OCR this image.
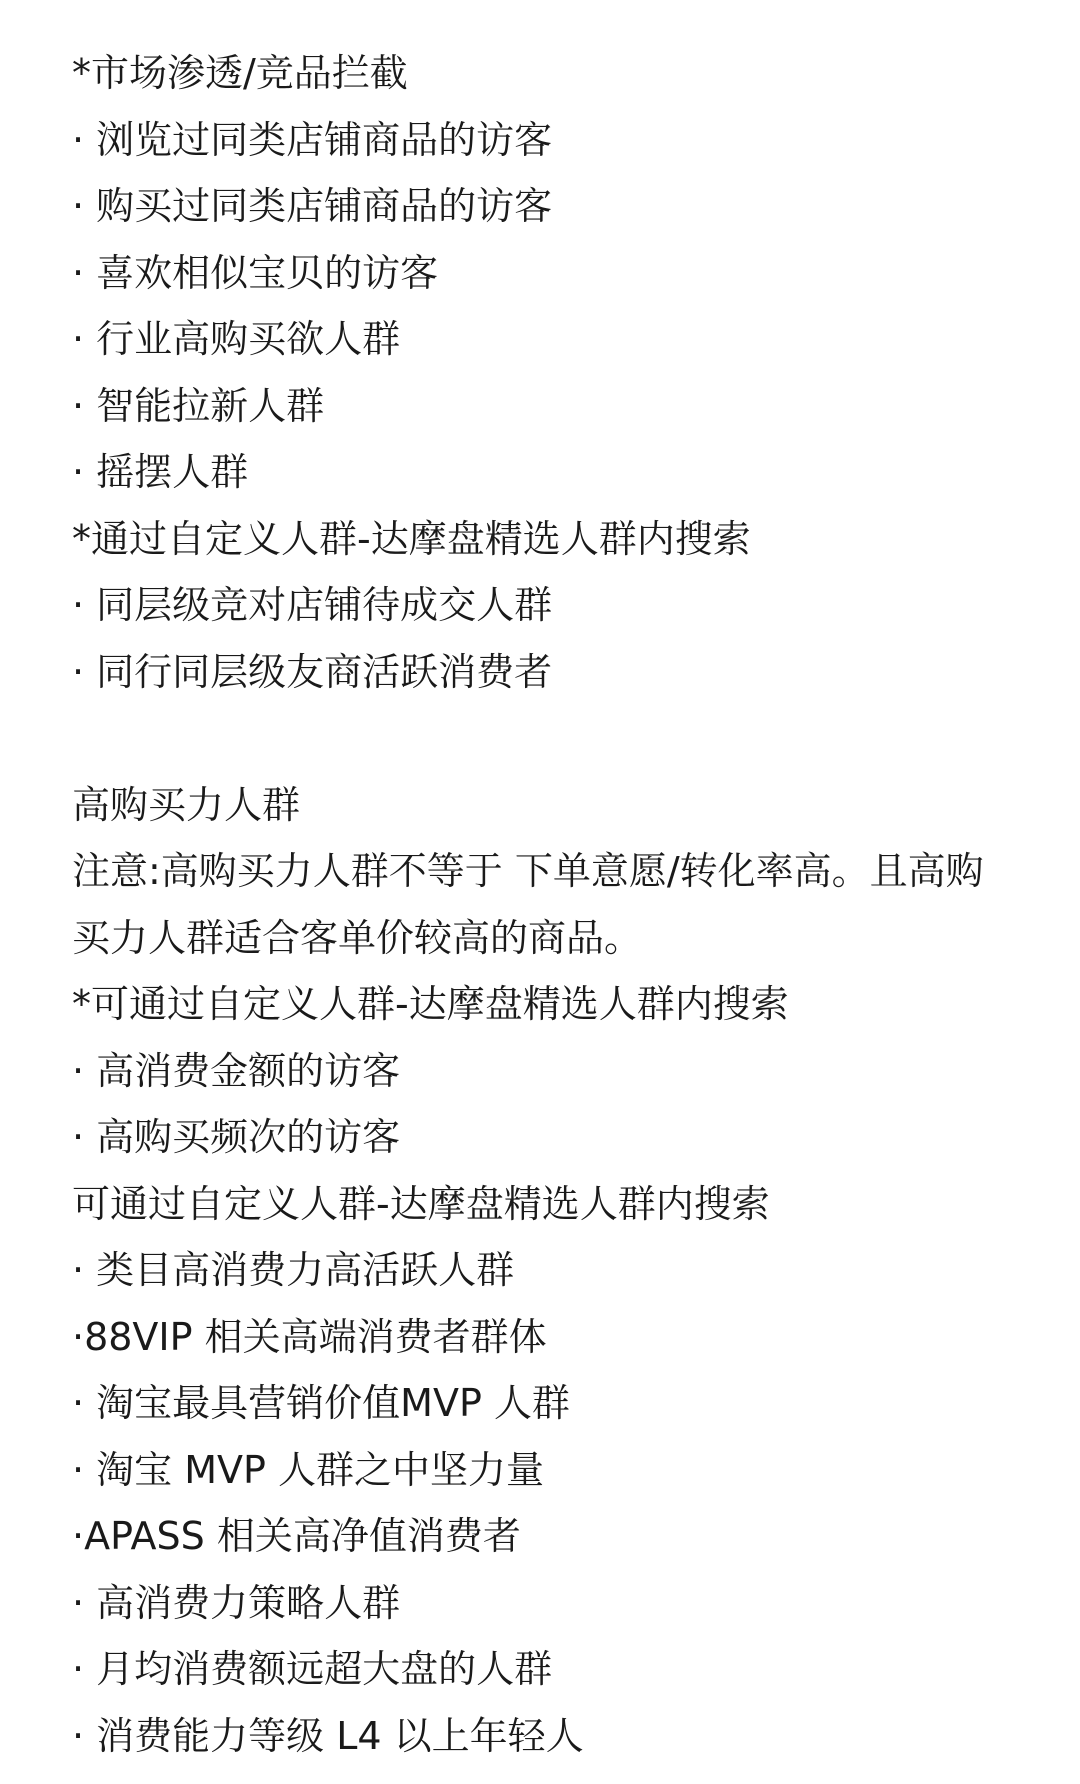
*市场渗透/竞品拦截
· 浏览过同类店铺商品的访客
· 购买过同类店铺商品的访客
· 喜欢相似宝贝的访客
· 行业高购买欲人群
· 智能拉新人群
· 摇摆人群
*通过自定义人群-达摩盘精选人群内搜索
· 同层级竞对店铺待成交人群
· 同行同层级友商活跃消费者
高购买力人群
注意:高购买力人群不等于 下单意愿/转化率高。且高购买力人群适合客单价较高的商品。
*可通过自定义人群-达摩盘精选人群内搜索
· 高消费金额的访客
· 高购买频次的访客
可通过自定义人群-达摩盘精选人群内搜索
· 类目高消费力高活跃人群
·88VIP 相关高端消费者群体
· 淘宝最具营销价值MVP 人群
· 淘宝 MVP 人群之中坚力量
·APASS 相关高净值消费者
· 高消费力策略人群
· 月均消费额远超大盘的人群
· 消费能力等级 L4 以上年轻人
